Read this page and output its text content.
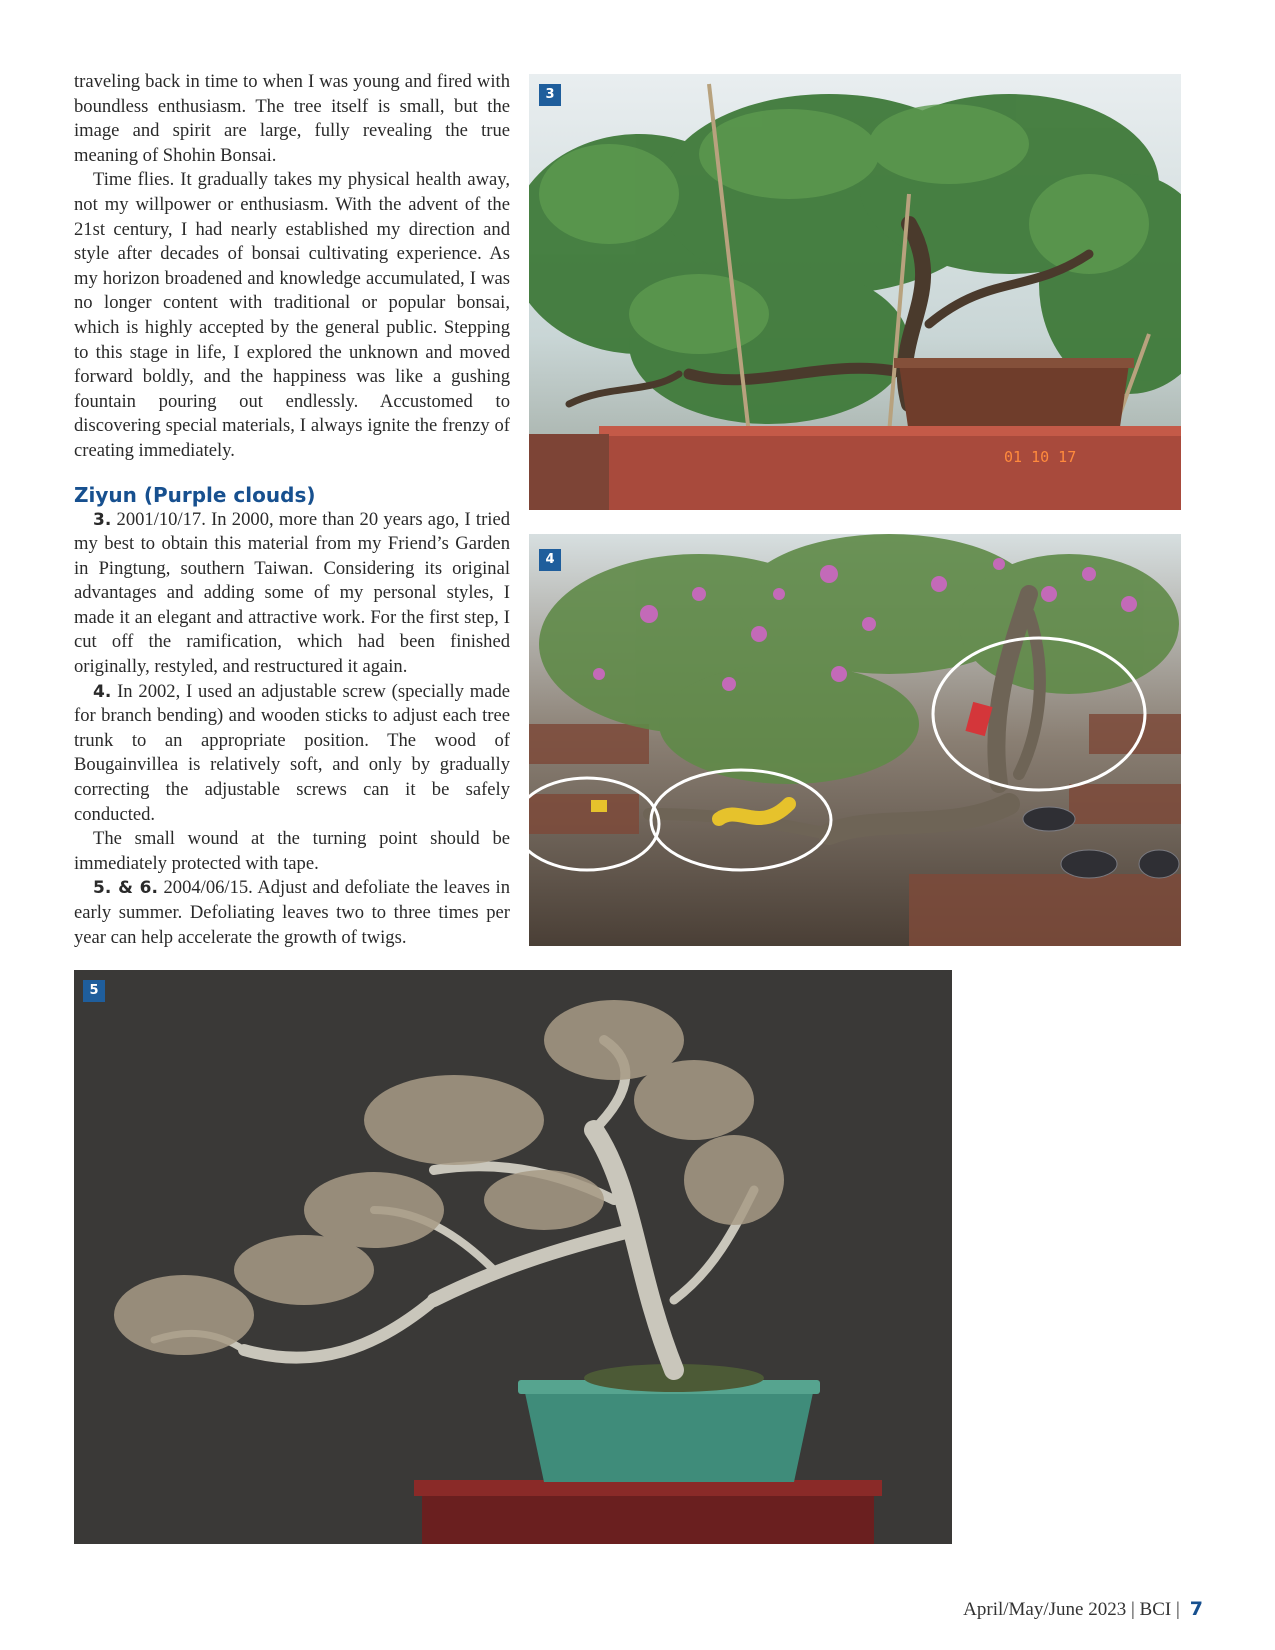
traveling back in time to when I was young and fired with boundless enthusiasm. The tree itself is small, but the image and spirit are large, fully revealing the true meaning of Shohin Bonsai.

Time flies. It gradually takes my physical health away, not my willpower or enthusiasm. With the advent of the 21st century, I had nearly established my direction and style after decades of bonsai cultivating experience. As my horizon broadened and knowledge accumulated, I was no longer content with traditional or popular bonsai, which is highly accepted by the general public. Stepping to this stage in life, I explored the unknown and moved forward boldly, and the happiness was like a gushing fountain pouring out endlessly. Accustomed to discovering special materials, I always ignite the frenzy of creating immediately.

Ziyun (Purple clouds)

3. 2001/10/17. In 2000, more than 20 years ago, I tried my best to obtain this material from my Friend’s Garden in Pingtung, southern Taiwan. Considering its original advantages and adding some of my personal styles, I made it an elegant and attractive work. For the first step, I cut off the ramification, which had been finished originally, restyled, and restructured it again.

4. In 2002, I used an adjustable screw (specially made for branch bending) and wooden sticks to adjust each tree trunk to an appropriate position. The wood of Bougainvillea is relatively soft, and only by gradually correcting the adjustable screws can it be safely conducted.

The small wound at the turning point should be immediately protected with tape.

5. & 6. 2004/06/15. Adjust and defoliate the leaves in early summer. Defoliating leaves two to three times per year can help accelerate the growth of twigs.

01 10 17
3
4
5
April/May/June 2023 | BCI | 7
